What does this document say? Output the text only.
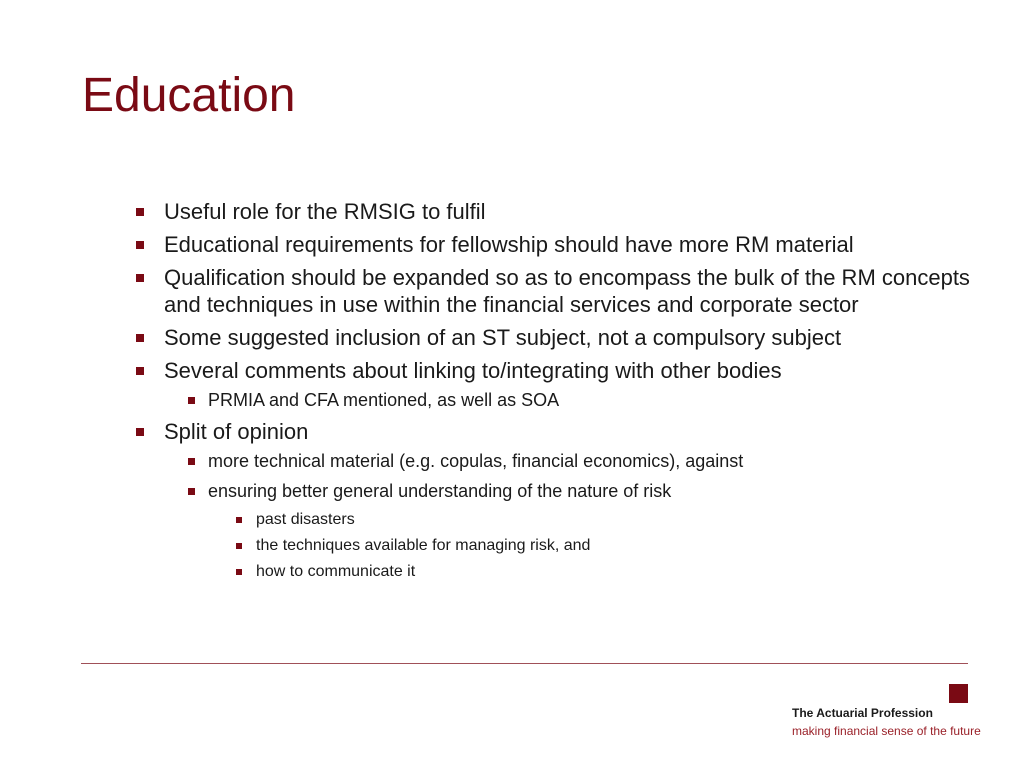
Education
Useful role for the RMSIG to fulfil
Educational requirements for fellowship should have more RM material
Qualification should be expanded so as to encompass the bulk of the RM concepts and techniques in use within the financial services and corporate sector
Some suggested inclusion of an ST subject, not a compulsory subject
Several comments about linking to/integrating with other bodies
PRMIA and CFA mentioned, as well as SOA
Split of opinion
more technical material (e.g. copulas, financial economics), against
ensuring better general understanding of the nature of risk
past disasters
the techniques available for managing risk, and
how to communicate it
The Actuarial Profession
making financial sense of the future
